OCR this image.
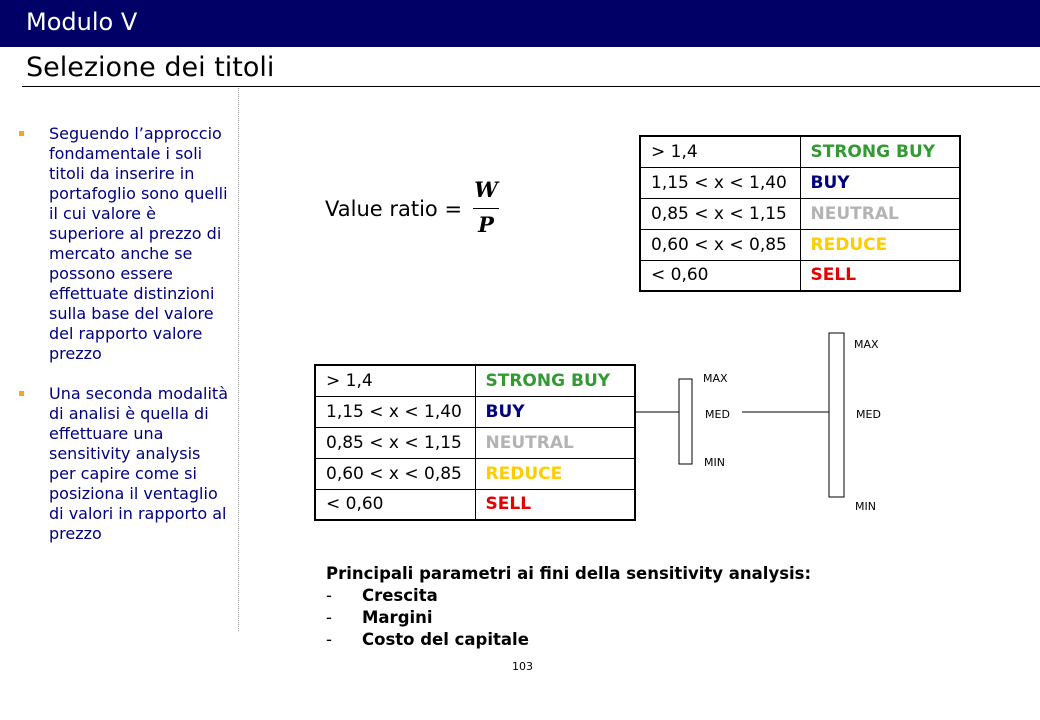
Modulo V
Selezione dei titoli
Seguendo l’approccio fondamentale i soli titoli da inserire in portafoglio sono quelli il cui valore è superiore al prezzo di mercato anche se possono essere effettuate distinzioni sulla base del valore del rapporto valore prezzo
Una seconda modalità di analisi è quella di effettuare una sensitivity analysis per capire come si posiziona il ventaglio di valori in rapporto al prezzo
Value ratio =
W
P
> 1,4	STRONG BUY
1,15 < x < 1,40	BUY
0,85 < x < 1,15	NEUTRAL
0,60 < x < 0,85	REDUCE
< 0,60	SELL
> 1,4	STRONG BUY
1,15 < x < 1,40	BUY
0,85 < x < 1,15	NEUTRAL
0,60 < x < 0,85	REDUCE
< 0,60	SELL
MAX
MED
MIN
MAX
MED
MIN
Principali parametri ai fini della sensitivity analysis:
- Crescita
- Margini
- Costo del capitale
103
